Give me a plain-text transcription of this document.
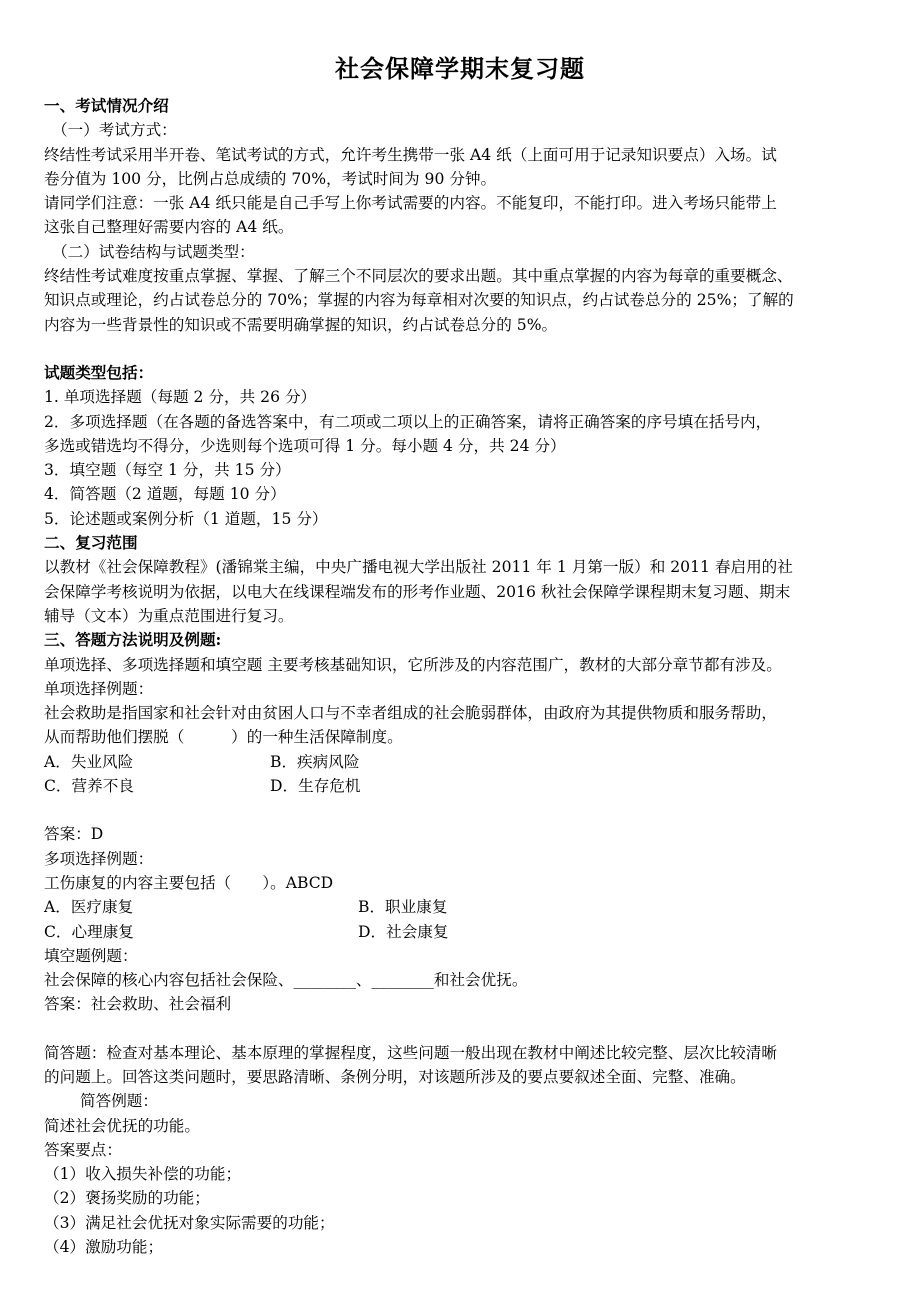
社会保障学期末复习题
一、考试情况介绍
（一）考试方式：
终结性考试采用半开卷、笔试考试的方式，允许考生携带一张 A4 纸（上面可用于记录知识要点）入场。试
卷分值为 100 分，比例占总成绩的 70%，考试时间为 90 分钟。
请同学们注意：一张 A4 纸只能是自己手写上你考试需要的内容。不能复印，不能打印。进入考场只能带上
这张自己整理好需要内容的 A4 纸。
（二）试卷结构与试题类型：
终结性考试难度按重点掌握、掌握、了解三个不同层次的要求出题。其中重点掌握的内容为每章的重要概念、
知识点或理论，约占试卷总分的 70%；掌握的内容为每章相对次要的知识点，约占试卷总分的 25%；了解的
内容为一些背景性的知识或不需要明确掌握的知识，约占试卷总分的 5%。
试题类型包括：
1. 单项选择题（每题 2 分，共 26 分）
2．多项选择题（在各题的备选答案中，有二项或二项以上的正确答案，请将正确答案的序号填在括号内，
多选或错选均不得分，少选则每个选项可得 1 分。每小题 4 分，共 24 分）
3．填空题（每空 1 分，共 15 分）
4．简答题（2 道题，每题 10 分）
5．论述题或案例分析（1 道题，15 分）
二、复习范围
以教材《社会保障教程》(潘锦棠主编，中央广播电视大学出版社 2011 年 1 月第一版）和 2011 春启用的社
会保障学考核说明为依据，以电大在线课程端发布的形考作业题、2016 秋社会保障学课程期末复习题、期末
辅导（文本）为重点范围进行复习。
三、答题方法说明及例题:
单项选择、多项选择题和填空题 主要考核基础知识，它所涉及的内容范围广，教材的大部分章节都有涉及。
单项选择例题：
社会救助是指国家和社会针对由贫困人口与不幸者组成的社会脆弱群体，由政府为其提供物质和服务帮助，
从而帮助他们摆脱（　　　）的一种生活保障制度。
A．失业风险	B．疾病风险
C．营养不良	D．生存危机
答案：D
多项选择例题：
工伤康复的内容主要包括（　　）。ABCD
A．医疗康复	B．职业康复
C．心理康复	D．社会康复
填空题例题：
社会保障的核心内容包括社会保险、________、________和社会优抚。
答案：社会救助、社会福利
简答题：检查对基本理论、基本原理的掌握程度，这些问题一般出现在教材中阐述比较完整、层次比较清晰
的问题上。回答这类问题时，要思路清晰、条例分明，对该题所涉及的要点要叙述全面、完整、准确。
简答例题：
简述社会优抚的功能。
答案要点：
（1）收入损失补偿的功能；
（2）褒扬奖励的功能；
（3）满足社会优抚对象实际需要的功能；
（4）激励功能；
